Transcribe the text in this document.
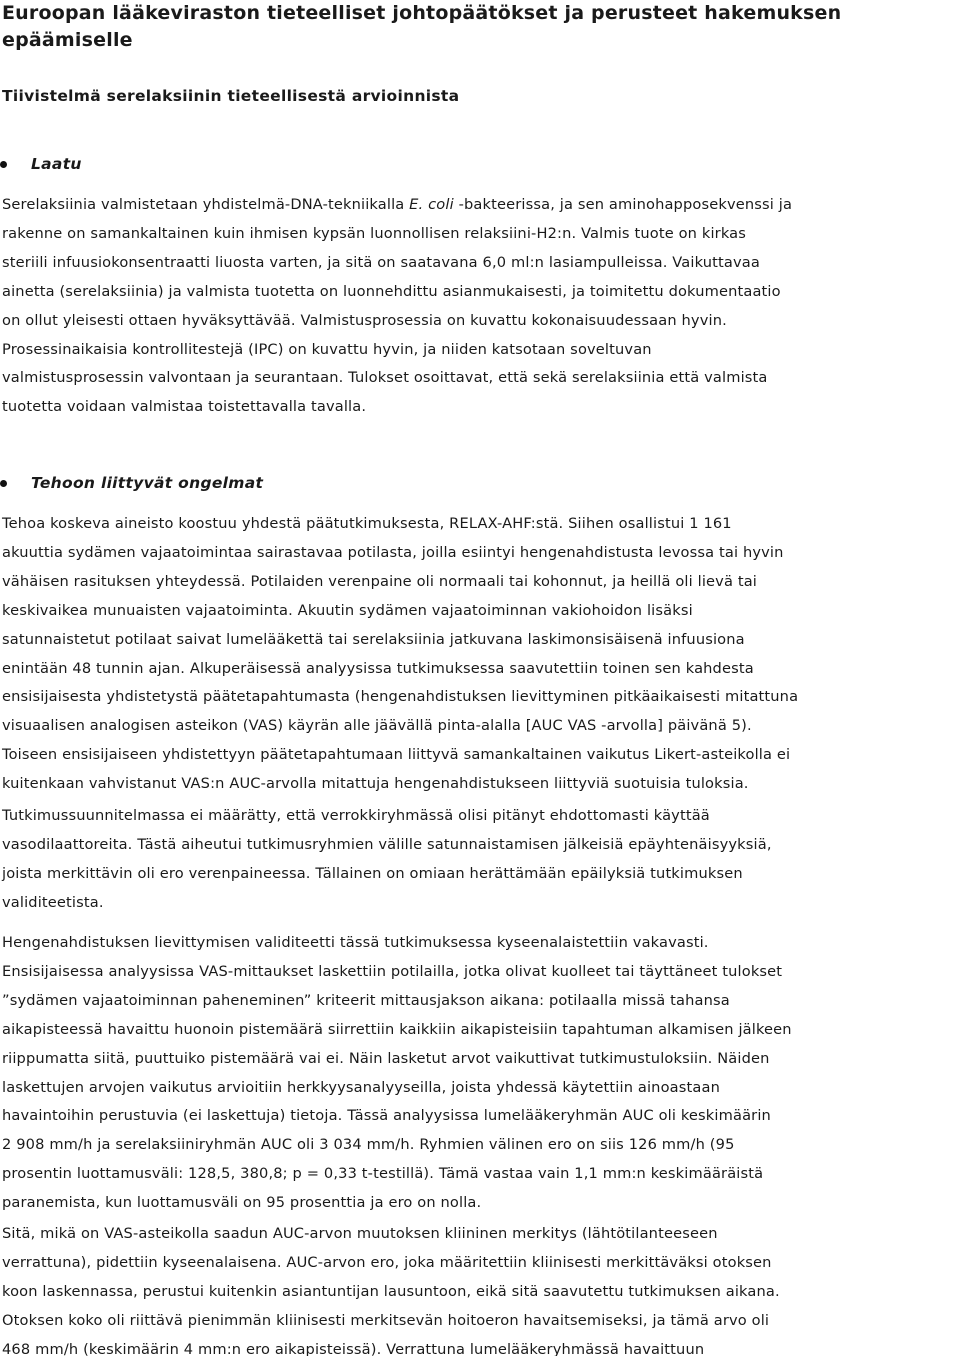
Euroopan lääkeviraston tieteelliset johtopäätökset ja perusteet hakemuksen epäämiselle
Tiivistelmä serelaksiinin tieteellisestä arvioinnista
Laatu

Serelaksiinia valmistetaan yhdistelmä-DNA-tekniikalla E. coli -bakteerissa, ja sen aminohapposekvenssi ja
rakenne on samankaltainen kuin ihmisen kypsän luonnollisen relaksiini-H2:n. Valmis tuote on kirkas
steriili infuusiokonsentraatti liuosta varten, ja sitä on saatavana 6,0 ml:n lasiampulleissa. Vaikuttavaa
ainetta (serelaksiinia) ja valmista tuotetta on luonnehdittu asianmukaisesti, ja toimitettu dokumentaatio
on ollut yleisesti ottaen hyväksyttävää. Valmistusprosessia on kuvattu kokonaisuudessaan hyvin.
Prosessinaikaisia kontrollitestejä (IPC) on kuvattu hyvin, ja niiden katsotaan soveltuvan
valmistusprosessin valvontaan ja seurantaan. Tulokset osoittavat, että sekä serelaksiinia että valmista
tuotetta voidaan valmistaa toistettavalla tavalla.

Tehoon liittyvät ongelmat

Tehoa koskeva aineisto koostuu yhdestä päätutkimuksesta, RELAX-AHF:stä. Siihen osallistui 1 161
akuuttia sydämen vajaatoimintaa sairastavaa potilasta, joilla esiintyi hengenahdistusta levossa tai hyvin
vähäisen rasituksen yhteydessä. Potilaiden verenpaine oli normaali tai kohonnut, ja heillä oli lievä tai
keskivaikea munuaisten vajaatoiminta. Akuutin sydämen vajaatoiminnan vakiohoidon lisäksi
satunnaistetut potilaat saivat lumelääkettä tai serelaksiinia jatkuvana laskimonsisäisenä infuusiona
enintään 48 tunnin ajan. Alkuperäisessä analyysissa tutkimuksessa saavutettiin toinen sen kahdesta
ensisijaisesta yhdistetystä päätetapahtumasta (hengenahdistuksen lievittyminen pitkäaikaisesti mitattuna
visuaalisen analogisen asteikon (VAS) käyrän alle jäävällä pinta-alalla [AUC VAS -arvolla] päivänä 5).
Toiseen ensisijaiseen yhdistettyyn päätetapahtumaan liittyvä samankaltainen vaikutus Likert-asteikolla ei
kuitenkaan vahvistanut VAS:n AUC-arvolla mitattuja hengenahdistukseen liittyviä suotuisia tuloksia.

Tutkimussuunnitelmassa ei määrätty, että verrokkiryhmässä olisi pitänyt ehdottomasti käyttää
vasodilaattoreita. Tästä aiheutui tutkimusryhmien välille satunnaistamisen jälkeisiä epäyhtenäisyyksiä,
joista merkittävin oli ero verenpaineessa. Tällainen on omiaan herättämään epäilyksiä tutkimuksen
validiteetista.

Hengenahdistuksen lievittymisen validiteetti tässä tutkimuksessa kyseenalaistettiin vakavasti.
Ensisijaisessa analyysissa VAS-mittaukset laskettiin potilailla, jotka olivat kuolleet tai täyttäneet tulokset
”sydämen vajaatoiminnan paheneminen” kriteerit mittausjakson aikana: potilaalla missä tahansa
aikapisteessä havaittu huonoin pistemäärä siirrettiin kaikkiin aikapisteisiin tapahtuman alkamisen jälkeen
riippumatta siitä, puuttuiko pistemäärä vai ei. Näin lasketut arvot vaikuttivat tutkimustuloksiin. Näiden
laskettujen arvojen vaikutus arvioitiin herkkyysanalyyseilla, joista yhdessä käytettiin ainoastaan
havaintoihin perustuvia (ei laskettuja) tietoja. Tässä analyysissa lumelääkeryhmän AUC oli keskimäärin
2 908 mm/h ja serelaksiiniryhmän AUC oli 3 034 mm/h. Ryhmien välinen ero on siis 126 mm/h (95
prosentin luottamusväli: 128,5, 380,8; p = 0,33 t-testillä). Tämä vastaa vain 1,1 mm:n keskimääräistä
paranemista, kun luottamusväli on 95 prosenttia ja ero on nolla.

Sitä, mikä on VAS-asteikolla saadun AUC-arvon muutoksen kliininen merkitys (lähtötilanteeseen
verrattuna), pidettiin kyseenalaisena. AUC-arvon ero, joka määritettiin kliinisesti merkittäväksi otoksen
koon laskennassa, perustui kuitenkin asiantuntijan lausuntoon, eikä sitä saavutettu tutkimuksen aikana.
Otoksen koko oli riittävä pienimmän kliinisesti merkitsevän hoitoeron havaitsemiseksi, ja tämä arvo oli
468 mm/h (keskimäärin 4 mm:n ero aikapisteissä). Verrattuna lumelääkeryhmässä havaittuun
